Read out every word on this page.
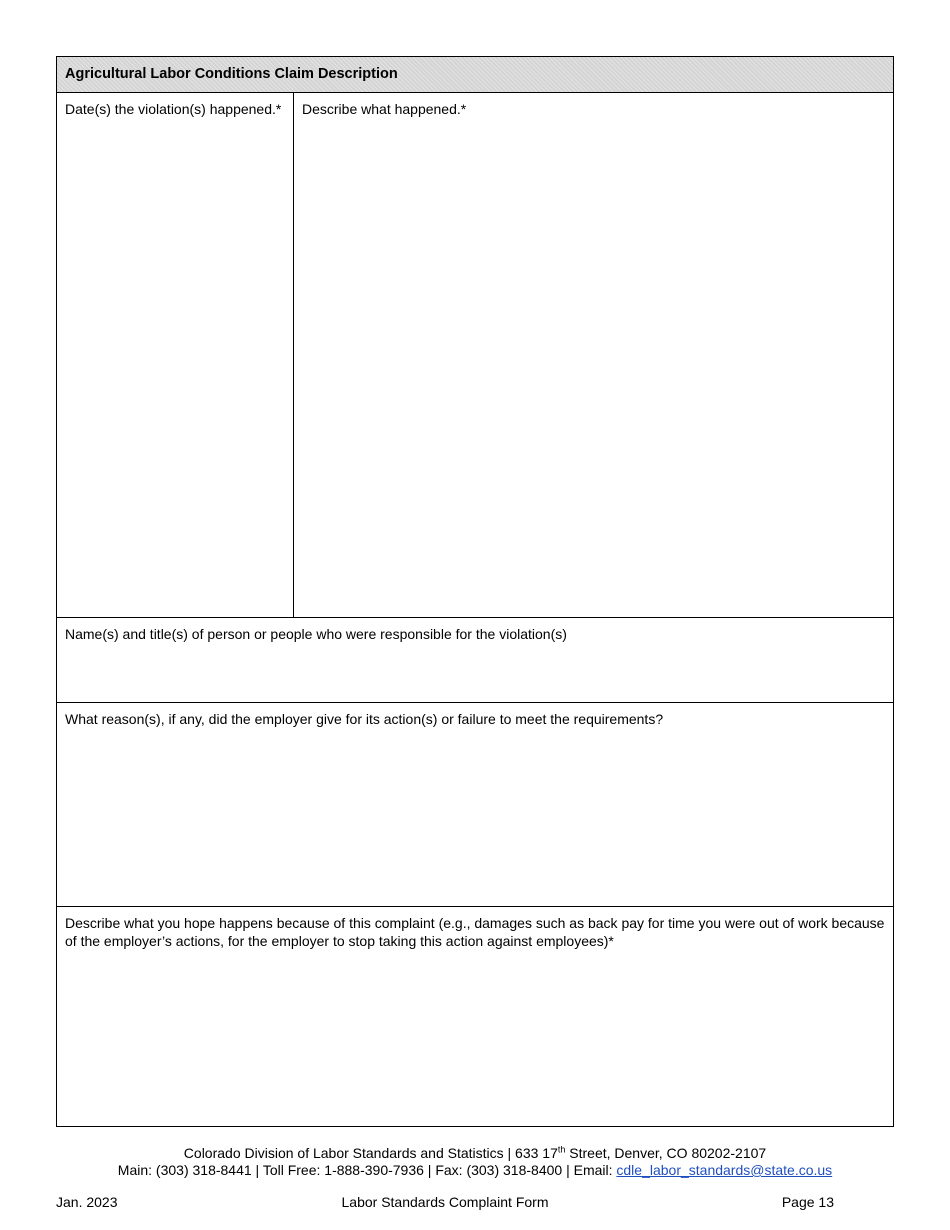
Agricultural Labor Conditions Claim Description
Date(s) the violation(s) happened.* Describe what happened.*
Name(s) and title(s) of person or people who were responsible for the violation(s)
What reason(s), if any, did the employer give for its action(s) or failure to meet the requirements?
Describe what you hope happens because of this complaint (e.g., damages such as back pay for time you were out of work because of the employer’s actions, for the employer to stop taking this action against employees)*
Colorado Division of Labor Standards and Statistics | 633 17th Street, Denver, CO 80202-2107
Main: (303) 318-8441 | Toll Free: 1-888-390-7936 | Fax: (303) 318-8400 | Email: cdle_labor_standards@state.co.us
Jan. 2023	Labor Standards Complaint Form	Page 13
